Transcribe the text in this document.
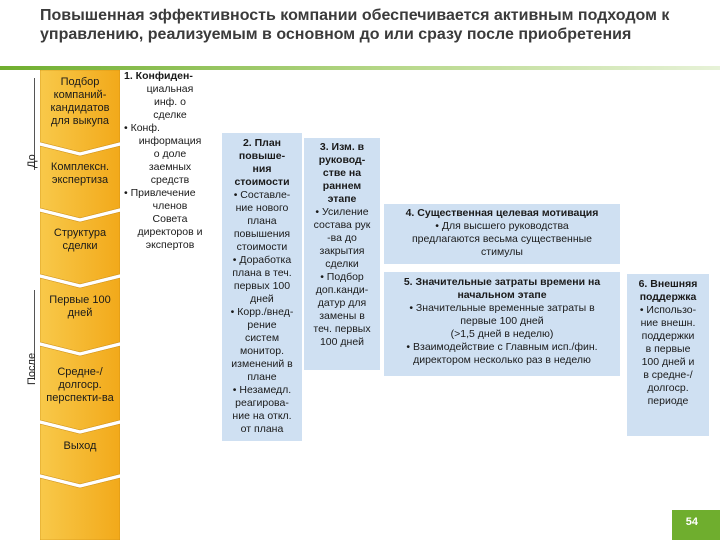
Повышенная эффективность компании обеспечивается активным подходом к управлению, реализуемым в основном до или сразу после приобретения
До
После
Подбор компаний-кандидатов для выкупа
Комплексн. экспертиза
Структура сделки
Первые 100 дней
Средне-/ долгоср. перспекти-ва
Выход
1. Конфиден-
циальная
инф. о
сделке
• Конф.
информация
о доле
заемных
средств
• Привлечение
членов
Совета
директоров и
экспертов
2. План
повыше-
ния
стоимости
• Составле-
ние нового
плана
повышения
стоимости
• Доработка
плана в теч.
первых 100
дней
• Корр./внед-
рение
систем
монитор.
изменений в
плане
• Незамедл.
реагирова-
ние на откл.
от плана
3. Изм. в
руковод-
стве на
раннем
этапе
• Усиление
состава рук
-ва до
закрытия
сделки
• Подбор
доп.канди-
датур для
замены в
теч. первых
100 дней
4. Существенная целевая мотивация
• Для высшего руководства
предлагаются весьма существенные
стимулы
5. Значительные затраты времени на
начальном этапе
• Значительные временные затраты в
первые 100 дней
(>1,5 дней в неделю)
• Взаимодействие с Главным исп./фин.
директором несколько раз в неделю
6. Внешняя
поддержка
• Использо-
ние внешн.
поддержки
в первые
100 дней и
в средне-/
долгоср.
периоде
54
